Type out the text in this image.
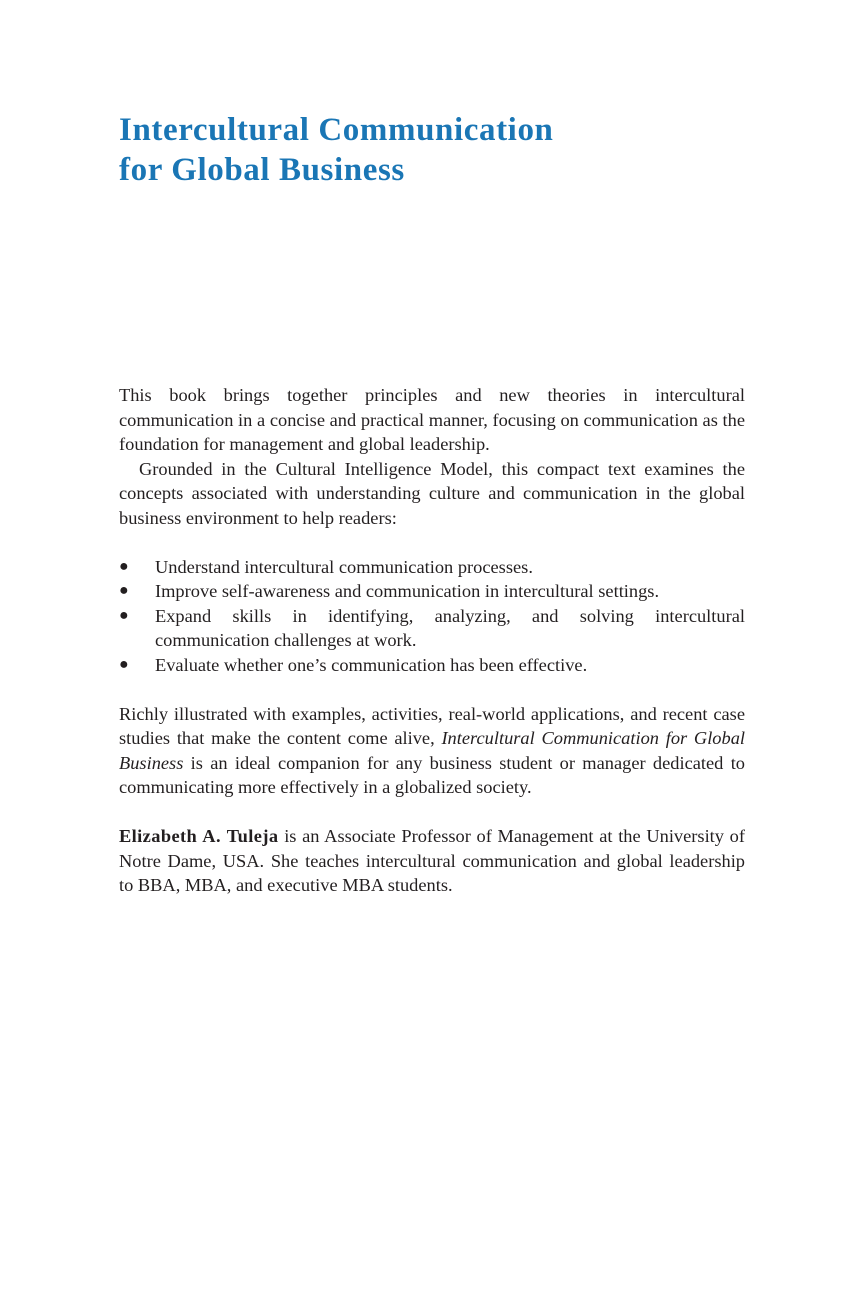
Intercultural Communication
for Global Business

This book brings together principles and new theories in intercultural communication in a concise and practical manner, focusing on communication as the foundation for management and global leadership.

Grounded in the Cultural Intelligence Model, this compact text examines the concepts associated with understanding culture and communication in the global business environment to help readers:

● Understand intercultural communication processes.
● Improve self-awareness and communication in intercultural settings.
● Expand skills in identifying, analyzing, and solving intercultural communication challenges at work.
● Evaluate whether one’s communication has been effective.

Richly illustrated with examples, activities, real-world applications, and recent case studies that make the content come alive, Intercultural Communication for Global Business is an ideal companion for any business student or manager dedicated to communicating more effectively in a globalized society.

Elizabeth A. Tuleja is an Associate Professor of Management at the University of Notre Dame, USA. She teaches intercultural communication and global leadership to BBA, MBA, and executive MBA students.
